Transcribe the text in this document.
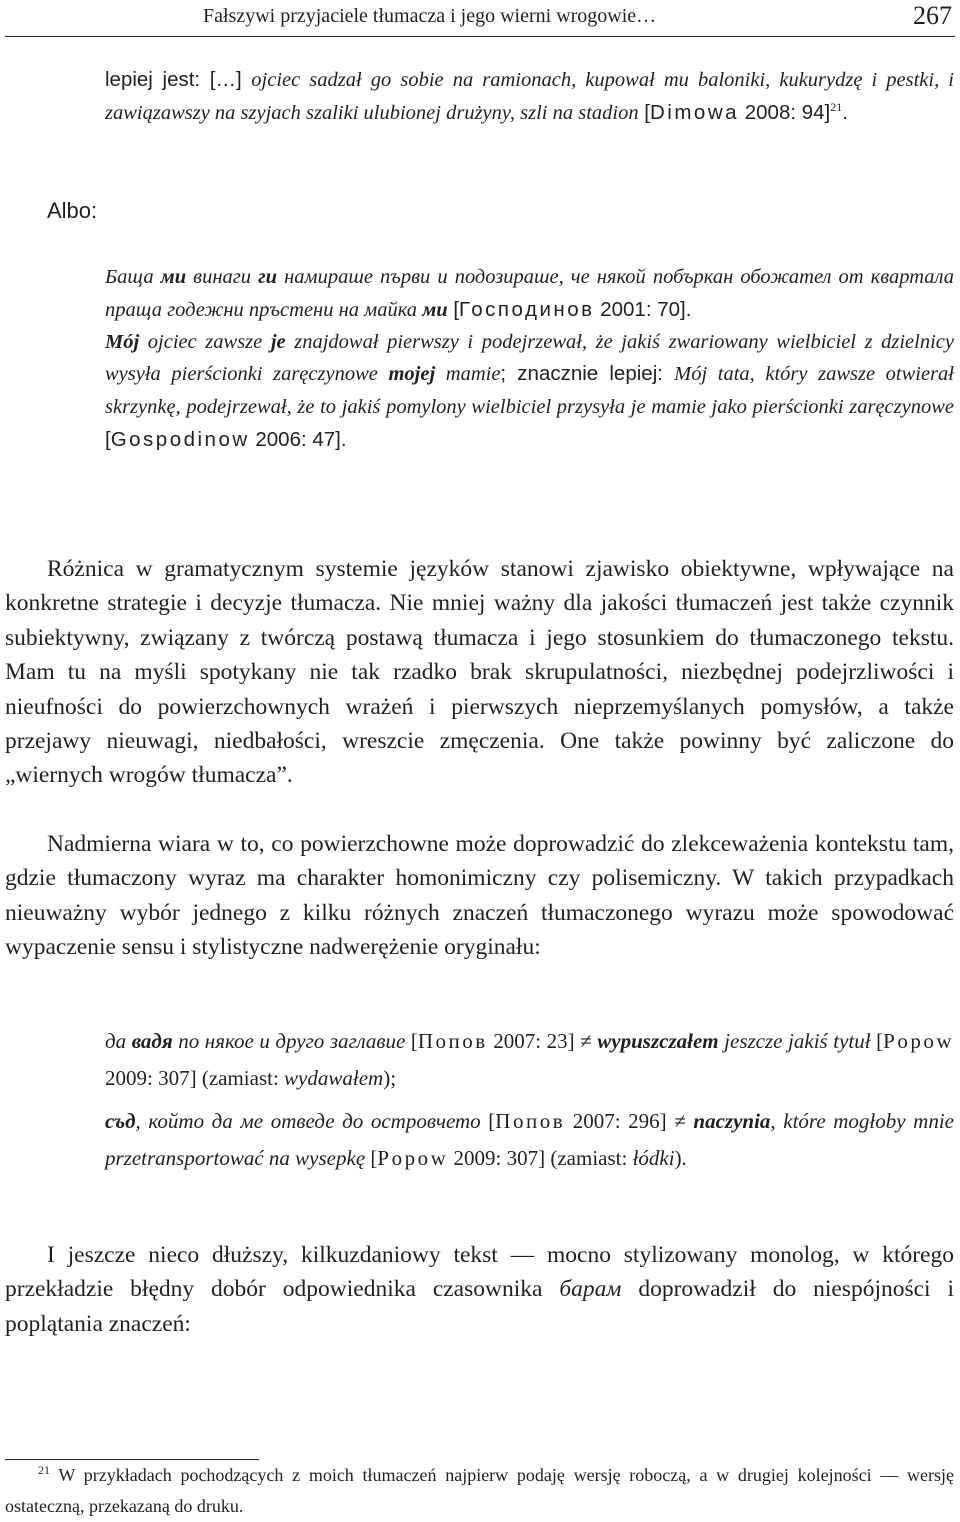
Fałszywi przyjaciele tłumacza i jego wierni wrogowie…	267

lepiej jest: […] ojciec sadzał go sobie na ramionach, kupował mu baloniki, kukurydzę i pestki, i zawiązawszy na szyjach szaliki ulubionej drużyny, szli na stadion [Dimowa 2008: 94]$^{21}$.

Albo:

Баща ми винаги ги намираше първи и подозираше, че някой побъркан обожател от квартала праща годежни пръстени на майка ми [Господинов 2001: 70].
Mój ojciec zawsze je znajdował pierwszy i podejrzewał, że jakiś zwariowany wielbiciel z dzielnicy wysyła pierścionki zaręczynowe mojej mamie; znacznie lepiej: Mój tata, który zawsze otwierał skrzynkę, podejrzewał, że to jakiś pomylony wielbiciel przysyła je mamie jako pierścionki zaręczynowe [Gospodinow 2006: 47].

Różnica w gramatycznym systemie języków stanowi zjawisko obiektywne, wpływające na konkretne strategie i decyzje tłumacza. Nie mniej ważny dla jakości tłumaczeń jest także czynnik subiektywny, związany z twórczą postawą tłumacza i jego stosunkiem do tłumaczonego tekstu. Mam tu na myśli spotykany nie tak rzadko brak skrupulatności, niezbędnej podejrzliwości i nieufności do powierzchownych wrażeń i pierwszych nieprzemyślanych pomysłów, a także przejawy nieuwagi, niedbałości, wreszcie zmęczenia. One także powinny być zaliczone do „wiernych wrogów tłumacza”.

Nadmierna wiara w to, co powierzchowne może doprowadzić do zlekceważenia kontekstu tam, gdzie tłumaczony wyraz ma charakter homonimiczny czy polisemiczny. W takich przypadkach nieuważny wybór jednego z kilku różnych znaczeń tłumaczonego wyrazu może spowodować wypaczenie sensu i stylistyczne nadwerężenie oryginału:

да вадя по някое и друго заглавие [Попов 2007: 23] ≠ wypuszczałem jeszcze jakiś tytuł [Popow 2009: 307] (zamiast: wydawałem);

съд, който да ме отведе до островчето [Попов 2007: 296] ≠ naczynia, które mogłoby mnie przetransportować na wysepkę [Popow 2009: 307] (zamiast: łódki).

I jeszcze nieco dłuższy, kilkuzdaniowy tekst — mocno stylizowany monolog, w którego przekładzie błędny dobór odpowiednika czasownika барам doprowadził do niespójności i poplątania znaczeń:

$^{21}$ W przykładach pochodzących z moich tłumaczeń najpierw podaję wersję roboczą, a w drugiej kolejności — wersję ostateczną, przekazaną do druku.
